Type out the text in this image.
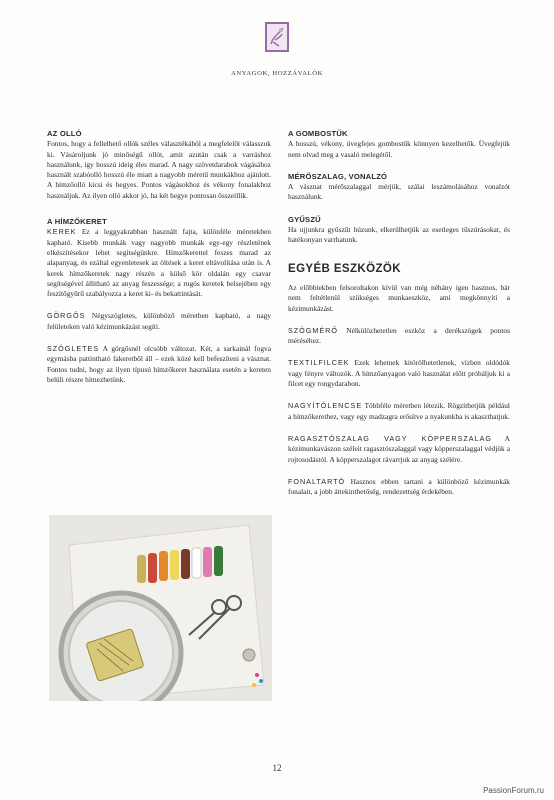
ANYAGOK, HOZZÁVALÓK
AZ OLLÓ

Fontos, hogy a fellelhető ollók széles választékából a megfelelőt válasszuk ki. Vásároljunk jó minőségű ollót, amit azután csak a varráshoz használunk, így hosszú ideig éles marad. A nagy szövetdarabok vágásához használt szabóolló hosszú éle miatt a nagyobb méretű munkákhoz ajánlott. A hímzőolló kicsi és hegyes. Pontos vágásokhoz és vékony fonalakhoz használjuk. Az ilyen olló akkor jó, ha két hegye pontosan összeillik.

A HÍMZŐKERET

KEREK Ez a leggyakrabban használt fajta, különféle méretekben kapható. Kisebb munkák vagy nagyobb munkák egy-egy részletének elkészítésekor lehet segítségünkre. Hímzőkerettel feszes marad az alapanyag, és ezáltal egyenletesek az öltések a keret eltávolítása után is. A kerek hímzőkeretek nagy részén a külső kör oldalán egy csavar segítségével állítható az anyag feszessége; a rugós keretek belsejében egy feszítőgyűrű szabályozza a keret ki- és bekattintását.

GÖRGŐS Négyszögletes, különböző méretben kapható, a nagy felületeken való kézimunkázást segíti.

SZÖGLETES A görgősnél olcsóbb változat. Két, a sarkainál fogva egymásba pattintható fakeretből áll – ezek közé kell befeszíteni a vásznat. Fontos tudni, hogy az ilyen típusú hímzőkeret használata esetén a kereten belüli részre hímezhetünk.

A GOMBOSTŰK

A hosszú, vékony, üvegfejes gombostűk könnyen kezelhetők. Üvegfejük nem olvad meg a vasaló melegétől.

MÉRŐSZALAG, VONALZÓ

A vásznat mérőszalaggal mérjük, szálai leszámolásához vonalzót használunk.

GYŰSZŰ

Ha ujjunkra gyűszűt húzunk, elkerülhetjük az esetleges tűszúrásokat, és hatékonyan varrhatunk.

EGYÉB ESZKÖZÖK

Az előbbiekben felsoroltakon kívül van még néhány igen hasznos, bár nem feltétlenül szükséges munkaeszköz, ami megkönnyíti a kézimunkázást.

SZÖGMÉRŐ Nélkülözhetetlen eszköz a derékszögek pontos méréséhez.

TEXTILFILCEK Ezek lehetnek kitörölhetetlenek, vízben oldódók vagy fényre változók. A hímzőanyagon való használat előtt próbáljuk ki a filcet egy rongydarabon.

NAGYÍTÓLENCSE Többféle méretben létezik. Rögzíthetjük például a hímzőkerethez, vagy egy madzagra erősítve a nyakunkba is akaszthatjuk.

RAGASZTÓSZALAG VAGY KÖPPERSZALAG A kézimunkavászon széleit ragasztószalaggal vagy köpperszalaggal védjük a rojtosodástól. A köpperszalagot rávarrjuk az anyag szélére.

FONALTARTÓ Hasznos ebben tartani a különböző kézimunkák fonalait, a jobb áttekinthetőség, rendezettség érdekében.

12
PassionForum.ru
